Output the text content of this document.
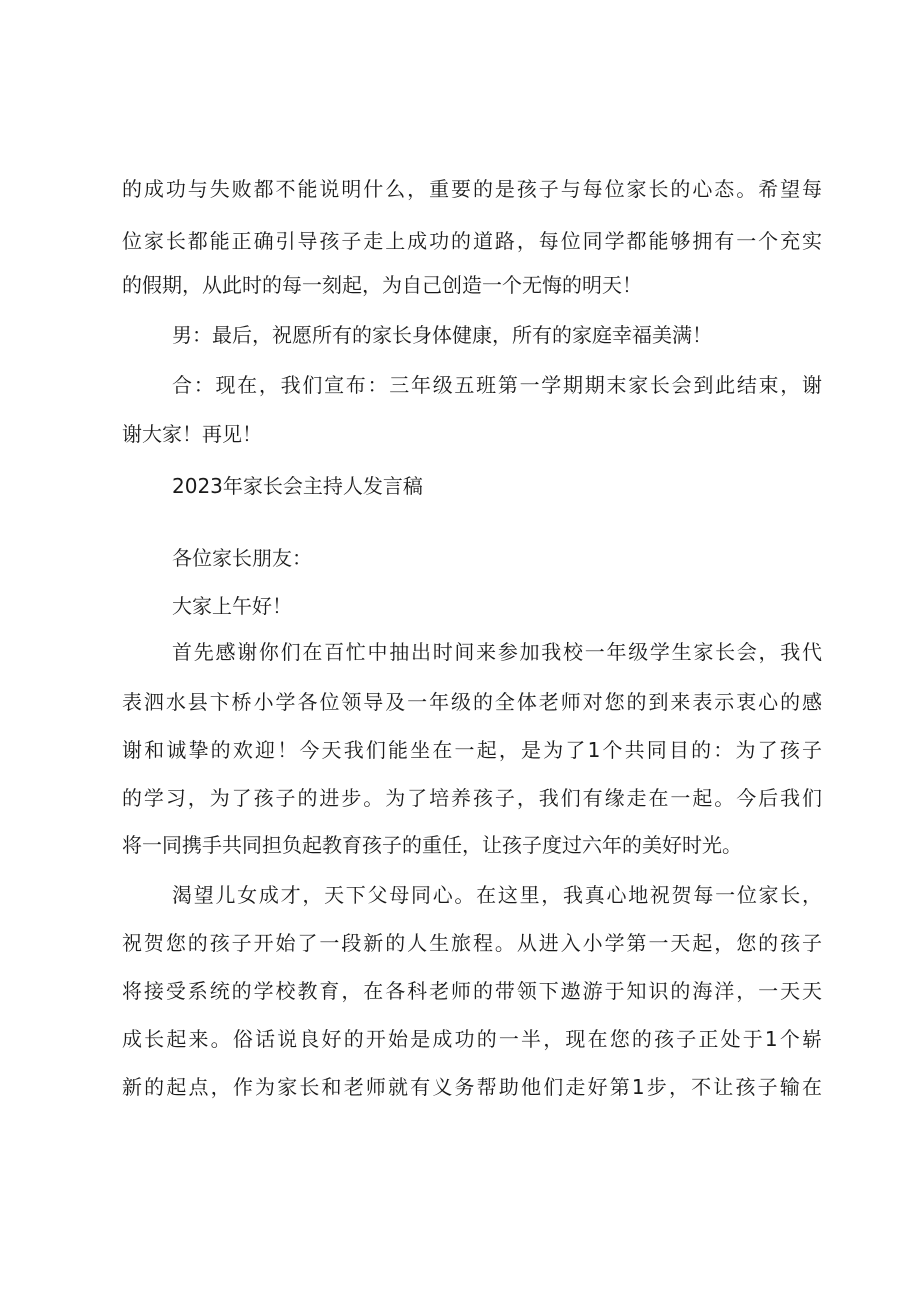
的成功与失败都不能说明什么，重要的是孩子与每位家长的心态。希望每
位家长都能正确引导孩子走上成功的道路，每位同学都能够拥有一个充实
的假期，从此时的每一刻起，为自己创造一个无悔的明天！
男：最后，祝愿所有的家长身体健康，所有的家庭幸福美满！
合：现在，我们宣布：三年级五班第一学期期末家长会到此结束，谢
谢大家！再见！
2023年家长会主持人发言稿
各位家长朋友：
大家上午好！
首先感谢你们在百忙中抽出时间来参加我校一年级学生家长会，我代
表泗水县卞桥小学各位领导及一年级的全体老师对您的到来表示衷心的感
谢和诚挚的欢迎！今天我们能坐在一起，是为了1个共同目的：为了孩子
的学习，为了孩子的进步。为了培养孩子，我们有缘走在一起。今后我们
将一同携手共同担负起教育孩子的重任，让孩子度过六年的美好时光。
渴望儿女成才，天下父母同心。在这里，我真心地祝贺每一位家长，
祝贺您的孩子开始了一段新的人生旅程。从进入小学第一天起，您的孩子
将接受系统的学校教育，在各科老师的带领下遨游于知识的海洋，一天天
成长起来。俗话说良好的开始是成功的一半，现在您的孩子正处于1个崭
新的起点，作为家长和老师就有义务帮助他们走好第1步，不让孩子输在
